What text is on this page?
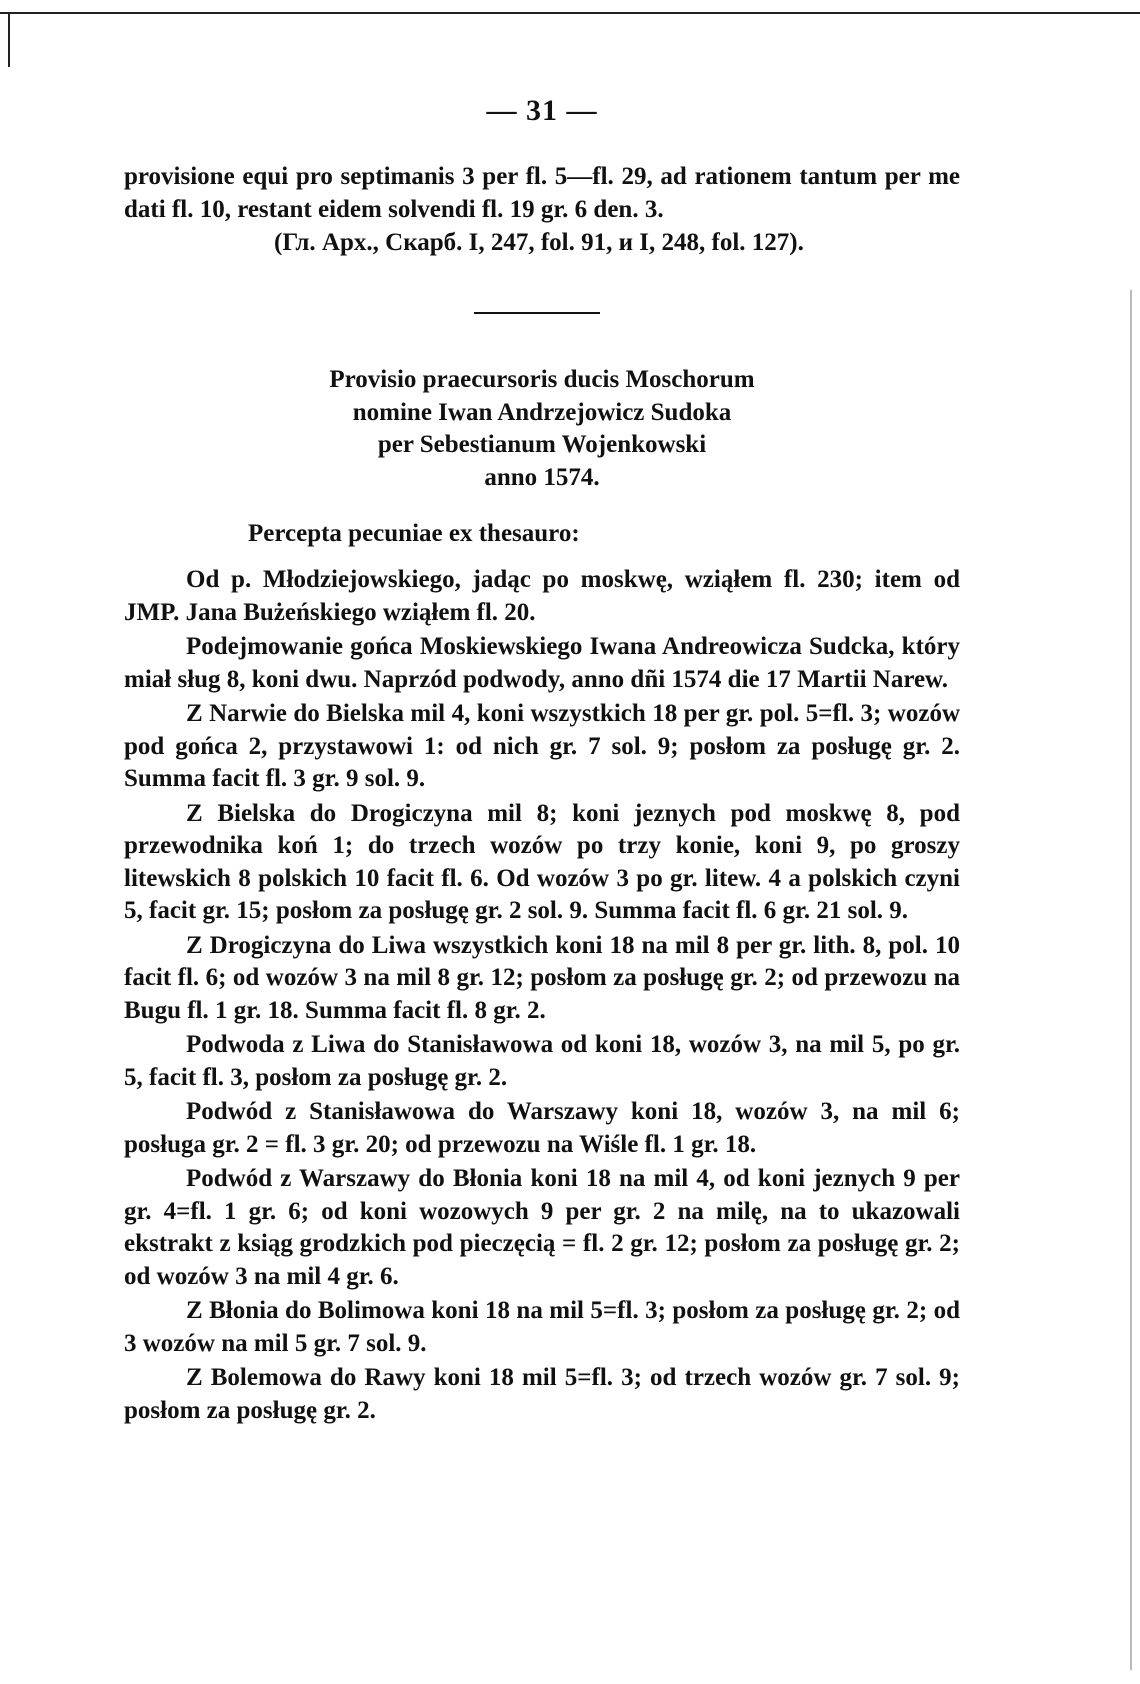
— 31 —

provisione equi pro septimanis 3 per fl. 5—fl. 29, ad rationem tantum per me dati fl. 10, restant eidem solvendi fl. 19 gr. 6 den. 3.

(Гл. Арх., Скарб. I, 247, fol. 91, и I, 248, fol. 127).
Provisio praecursoris ducis Moschorum
nomine Iwan Andrzejowicz Sudoka
per Sebestianum Wojenkowski
anno 1574.
Percepta pecuniae ex thesauro:

Od p. Młodziejowskiego, jadąc po moskwę, wziąłem fl. 230; item od JMP. Jana Bużeńskiego wziąłem fl. 20.

Podejmowanie gońca Moskiewskiego Iwana Andreowicza Sudcka, który miał sług 8, koni dwu. Naprzód podwody, anno dñi 1574 die 17 Martii Narew.

Z Narwie do Bielska mil 4, koni wszystkich 18 per gr. pol. 5=fl. 3; wozów pod gońca 2, przystawowi 1: od nich gr. 7 sol. 9; posłom za posługę gr. 2. Summa facit fl. 3 gr. 9 sol. 9.

Z Bielska do Drogiczyna mil 8; koni jeznych pod moskwę 8, pod przewodnika koń 1; do trzech wozów po trzy konie, koni 9, po groszy litewskich 8 polskich 10 facit fl. 6. Od wozów 3 po gr. litew. 4 a polskich czyni 5, facit gr. 15; posłom za posługę gr. 2 sol. 9. Summa facit fl. 6 gr. 21 sol. 9.

Z Drogiczyna do Liwa wszystkich koni 18 na mil 8 per gr. lith. 8, pol. 10 facit fl. 6; od wozów 3 na mil 8 gr. 12; posłom za posługę gr. 2; od przewozu na Bugu fl. 1 gr. 18. Summa facit fl. 8 gr. 2.

Podwoda z Liwa do Stanisławowa od koni 18, wozów 3, na mil 5, po gr. 5, facit fl. 3, posłom za posługę gr. 2.

Podwód z Stanisławowa do Warszawy koni 18, wozów 3, na mil 6; posługa gr. 2 = fl. 3 gr. 20; od przewozu na Wiśle fl. 1 gr. 18.

Podwód z Warszawy do Błonia koni 18 na mil 4, od koni jeznych 9 per gr. 4=fl. 1 gr. 6; od koni wozowych 9 per gr. 2 na milę, na to ukazowali ekstrakt z ksiąg grodzkich pod pieczęcią = fl. 2 gr. 12; posłom za posługę gr. 2; od wozów 3 na mil 4 gr. 6.

Z Błonia do Bolimowa koni 18 na mil 5=fl. 3; posłom za posługę gr. 2; od 3 wozów na mil 5 gr. 7 sol. 9.

Z Bolemowa do Rawy koni 18 mil 5=fl. 3; od trzech wozów gr. 7 sol. 9; posłom za posługę gr. 2.
